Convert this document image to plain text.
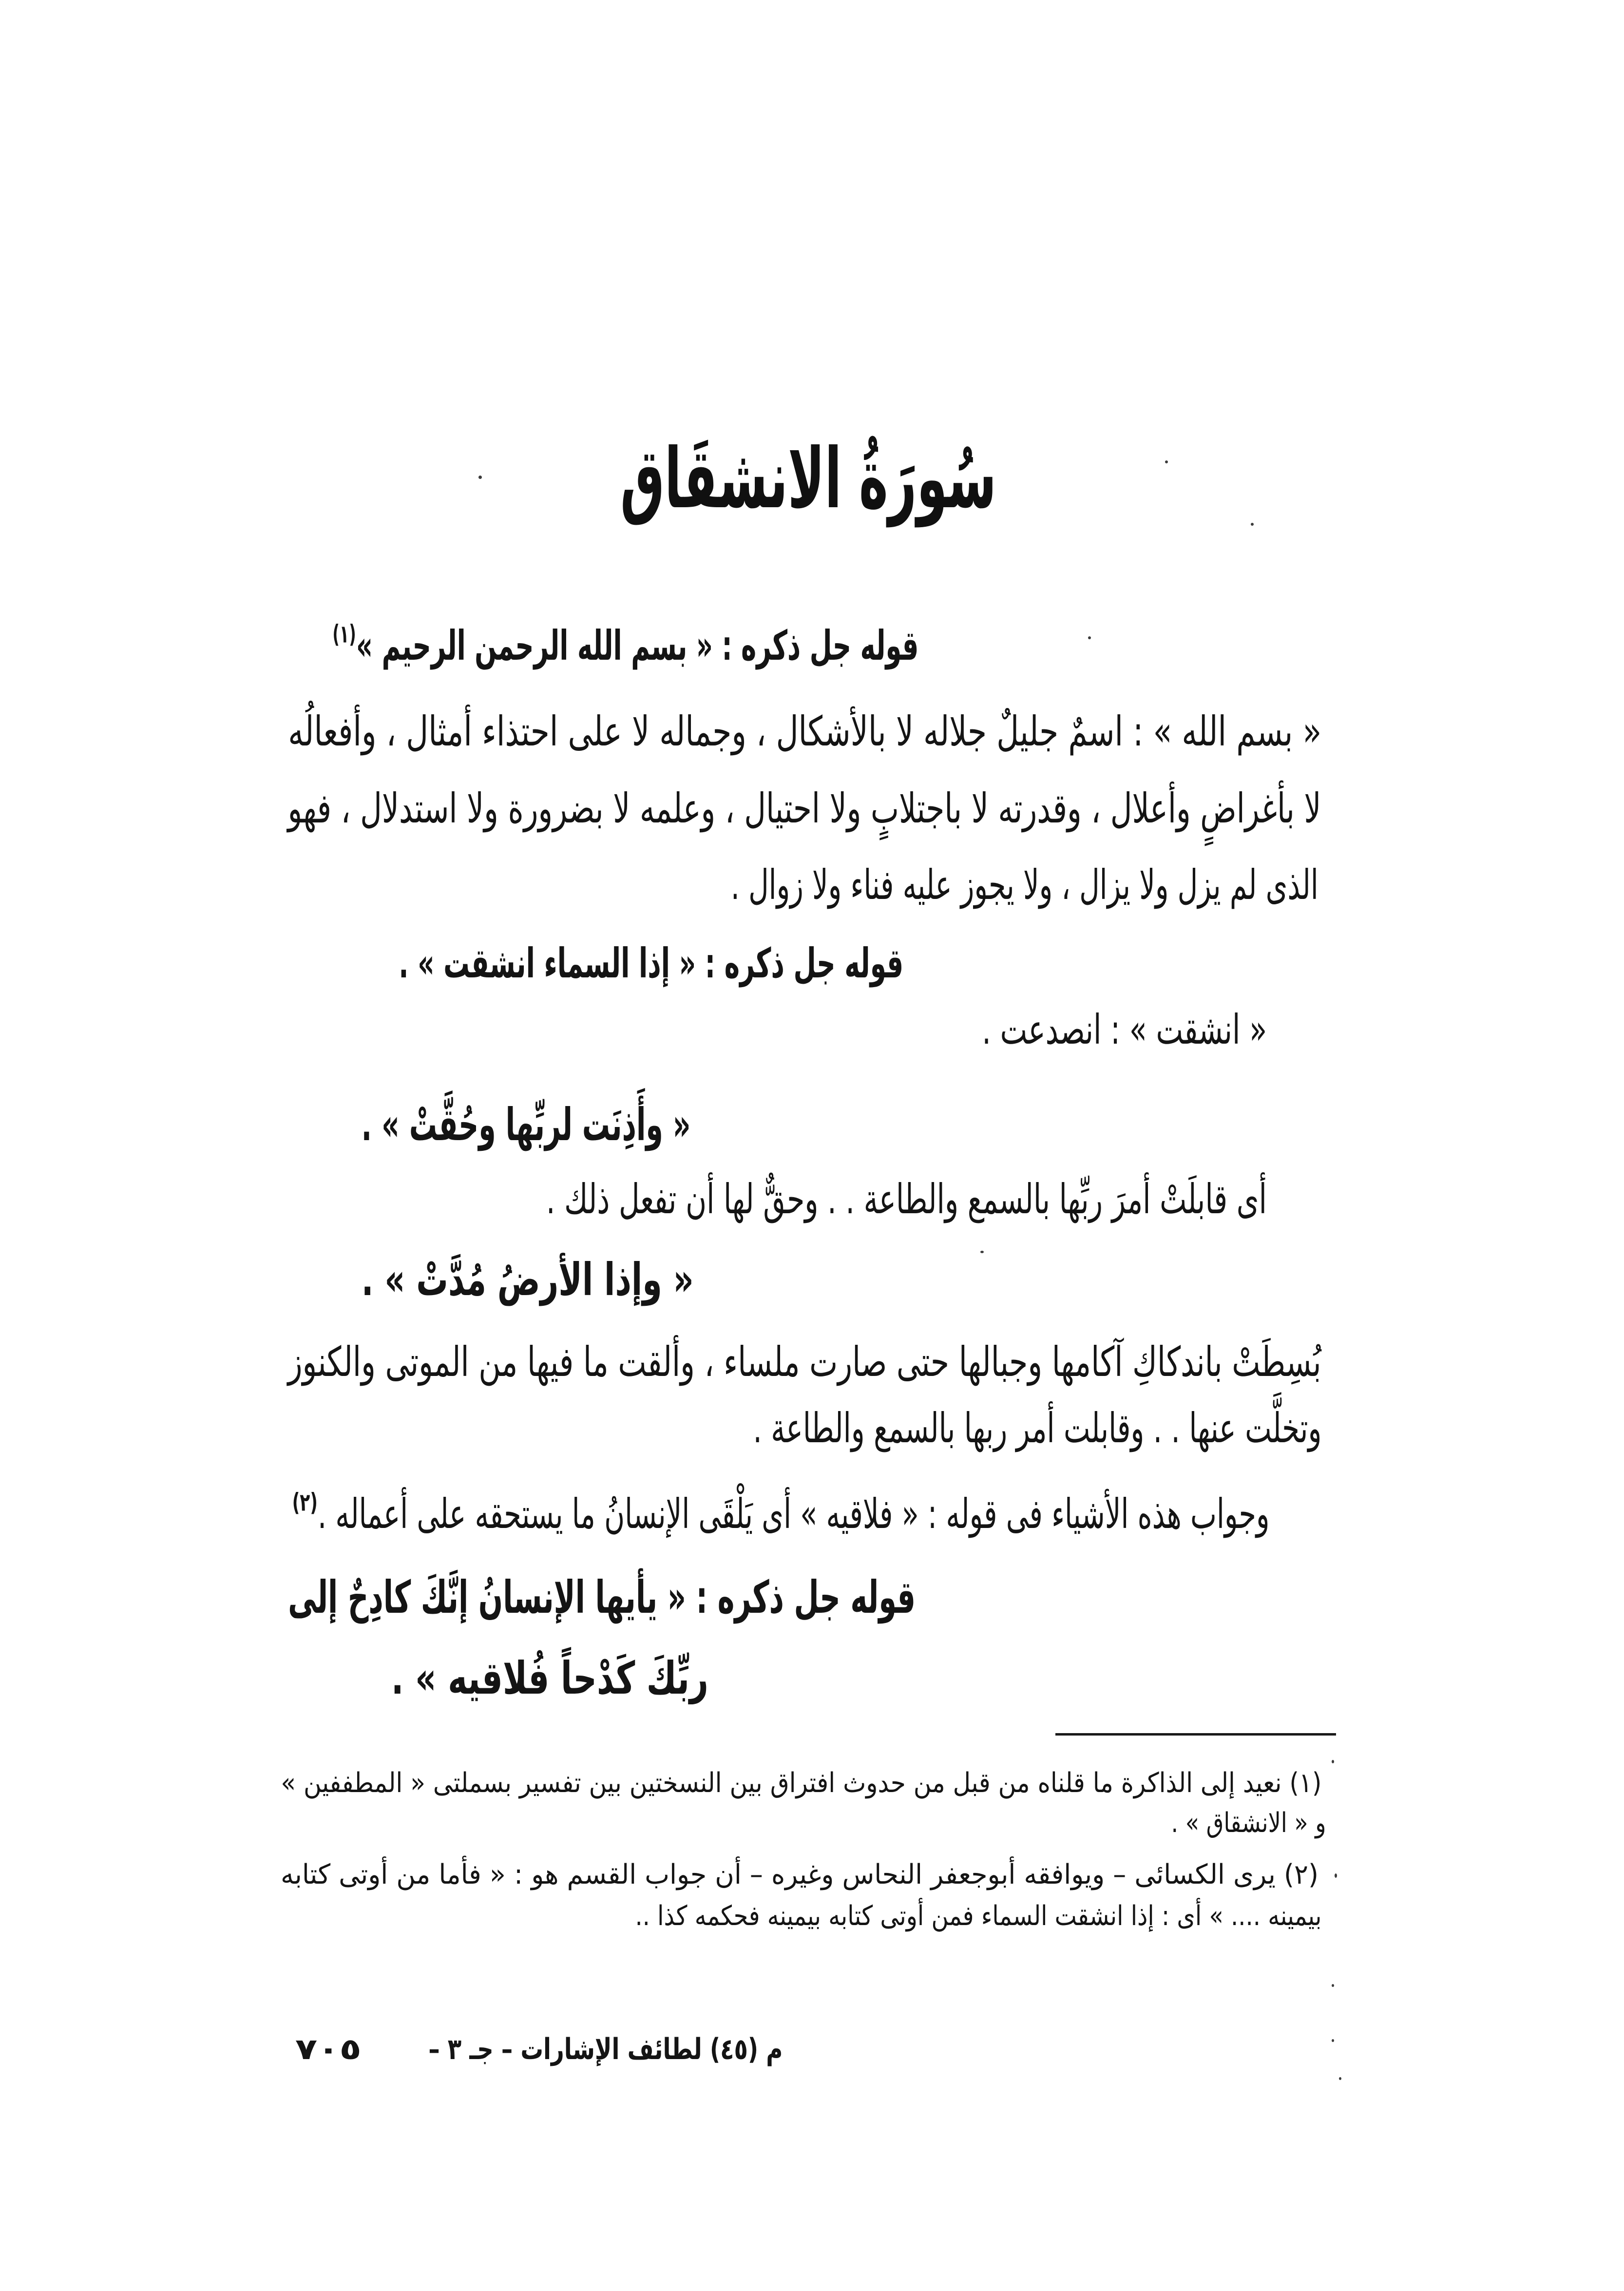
سُورَةُ الانشقَاق
قوله جل ذكره : « بسم الله الرحمن الرحيم »$^{(١)}$
« بسم الله » : اسمٌ جليلٌ جلاله لا بالأشكال ، وجماله لا على احتذاء أمثال ، وأفعالُه
لا بأغراضٍ وأعلال ، وقدرته لا باجتلابٍ ولا احتيال ، وعلمه لا بضرورة ولا استدلال ، فهو
الذى لم يزل ولا يزال ، ولا يجوز عليه فناء ولا زوال .
قوله جل ذكره : « إذا السماء انشقت » .
« انشقت » : انصدعت .
« وأَذِنَت لربِّها وحُقَّتْ » .
أى قابلَتْ أمرَ ربِّها بالسمع والطاعة . . وحقٌّ لها أن تفعل ذلك .
« وإذا الأرضُ مُدَّتْ » .
بُسِطَتْ باندكاكِ آكامها وجبالها حتى صارت ملساء ، وألقت ما فيها من الموتى والكنوز
وتخلَّت عنها . . وقابلت أمر ربها بالسمع والطاعة .
وجواب هذه الأشياء فى قوله : « فلاقيه » أى يَلْقَى الإنسانُ ما يستحقه على أعماله .$^{(٢)}$
قوله جل ذكره : « يأيها الإنسانُ إنَّكَ كادِحٌ إلى
ربِّكَ كَدْحاً فُلاقيه » .
(١) نعيد إلى الذاكرة ما قلناه من قبل من حدوث افتراق بين النسختين بين تفسير بسملتى « المطففين »
و « الانشقاق » .
(٢) يرى الكسائى – ويوافقه أبوجعفر النحاس وغيره – أن جواب القسم هو : « فأما من أوتى كتابه
بيمينه .... » أى : إذا انشقت السماء فمن أوتى كتابه بيمينه فحكمه كذا ..
م (٤٥) لطائف الإشارات – جـ ٣ –
٧٠٥
